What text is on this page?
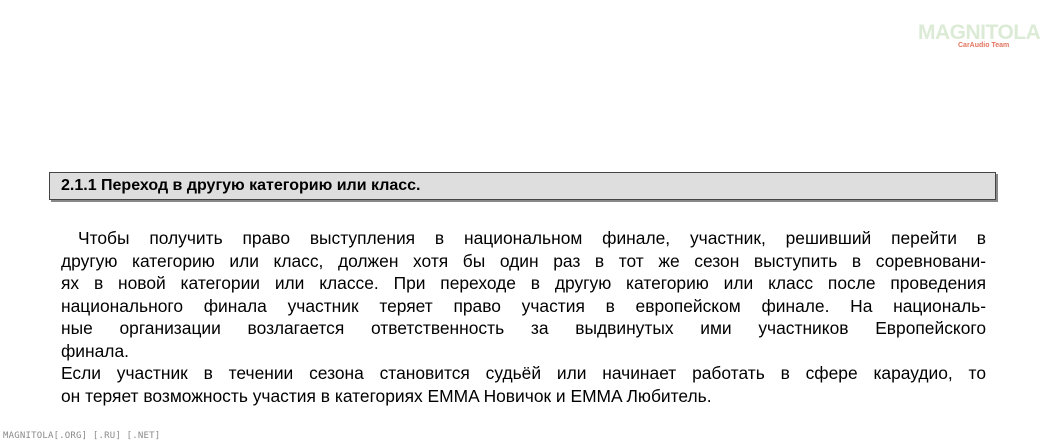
MAGNITOLA
CarAudio Team
2.1.1 Переход в другую категорию или класс.

Чтобы получить право выступления в национальном финале, участник, решивший перейти в

другую категорию или класс, должен хотя бы один раз в тот же сезон выступить в соревновани-

ях в новой категории или классе. При переходе в другую категорию или класс после проведения

национального финала участник теряет право участия в европейском финале. На националь-

ные организации возлагается ответственность за выдвинутых ими участников Европейского

финала.

Если участник в течении сезона становится судьёй или начинает работать в сфере караудио, то

он теряет возможность участия в категориях EMMA Новичок и EMMA Любитель.

MAGNITOLA[.ORG] [.RU] [.NET]
